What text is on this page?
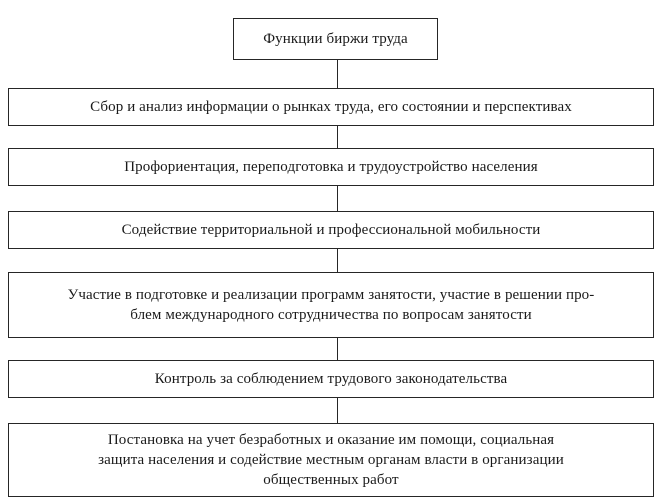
Функции биржи труда
Сбор и анализ информации о рынках труда, его состоянии и перспективах
Профориентация, переподготовка и трудоустройство населения
Содействие территориальной и профессиональной мобильности
Участие в подготовке и реализации программ занятости, участие в решении про-
блем международного сотрудничества по вопросам занятости
Контроль за соблюдением трудового законодательства
Постановка на учет безработных и оказание им помощи, социальная
защита населения и содействие местным органам власти в организации
общественных работ
